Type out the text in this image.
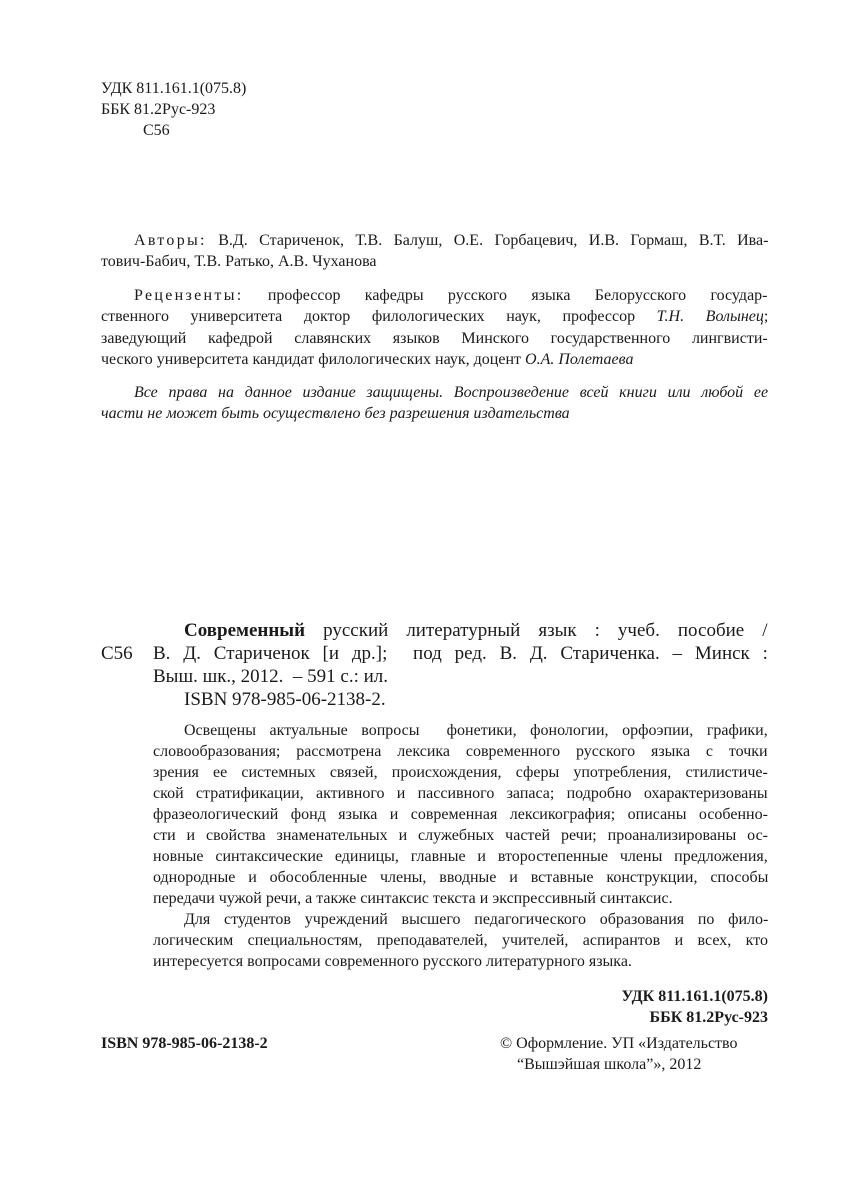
УДК 811.161.1(075.8)
ББК 81.2Рус-923
С56
Авторы: В.Д. Стариченок, Т.В. Балуш, О.Е. Горбацевич, И.В. Гормаш, В.Т. Ива-
тович-Бабич, Т.В. Ратько, А.В. Чуханова
Рецензенты: профессор кафедры русского языка Белорусского государ-
ственного университета доктор филологических наук, профессор Т.Н. Волынец;
заведующий кафедрой славянских языков Минского государственного лингвисти-
ческого университета кандидат филологических наук, доцент О.А. Полетаева
Все права на данное издание защищены. Воспроизведение всей книги или любой ее
части не может быть осуществлено без разрешения издательства
Современный русский литературный язык : учеб. пособие /
С56 В. Д. Стариченок [и др.];  под ред. В. Д. Стариченка. – Минск :
Выш. шк., 2012.  – 591 с.: ил.
ISBN 978-985-06-2138-2.
Освещены актуальные вопросы  фонетики, фонологии, орфоэпии, графики,
словообразования; рассмотрена лексика современного русского языка с точки
зрения ее системных связей, происхождения, сферы употребления, стилистиче-
ской стратификации, активного и пассивного запаса; подробно охарактеризованы
фразеологический фонд языка и современная лексикография; описаны особенно-
сти и свойства знаменательных и служебных частей речи; проанализированы ос-
новные синтаксические единицы, главные и второстепенные члены предложения,
однородные и обособленные члены, вводные и вставные конструкции, способы
передачи чужой речи, а также синтаксис текста и экспрессивный синтаксис.
Для студентов учреждений высшего педагогического образования по фило-
логическим специальностям, преподавателей, учителей, аспирантов и всех, кто
интересуется вопросами современного русского литературного языка.
УДК 811.161.1(075.8)
ББК 81.2Рус-923
ISBN 978-985-06-2138-2	© Оформление. УП «Издательство
“Вышэйшая школа”», 2012
